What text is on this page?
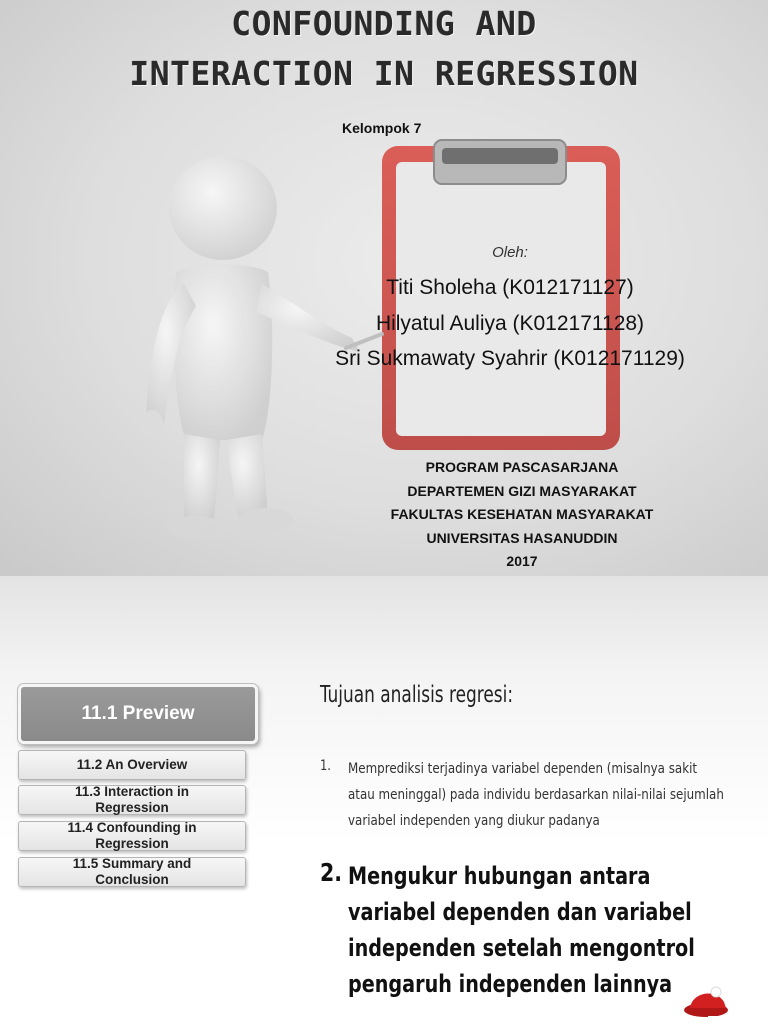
CONFOUNDING AND
INTERACTION IN REGRESSION
Kelompok 7
Oleh:
Titi Sholeha (K012171127)
Hilyatul Auliya (K012171128)
Sri Sukmawaty Syahrir (K012171129)
PROGRAM PASCASARJANA
DEPARTEMEN GIZI MASYARAKAT
FAKULTAS KESEHATAN MASYARAKAT
UNIVERSITAS HASANUDDIN
2017
11.1 Preview
11.2 An Overview
11.3 Interaction in
Regression
11.4 Confounding in
Regression
11.5 Summary and
Conclusion
Tujuan analisis regresi:
1. Memprediksi terjadinya variabel dependen (misalnya sakit atau meninggal) pada individu berdasarkan nilai-nilai sejumlah variabel independen yang diukur padanya
2. Mengukur hubungan antara variabel dependen dan variabel independen setelah mengontrol pengaruh independen lainnya
